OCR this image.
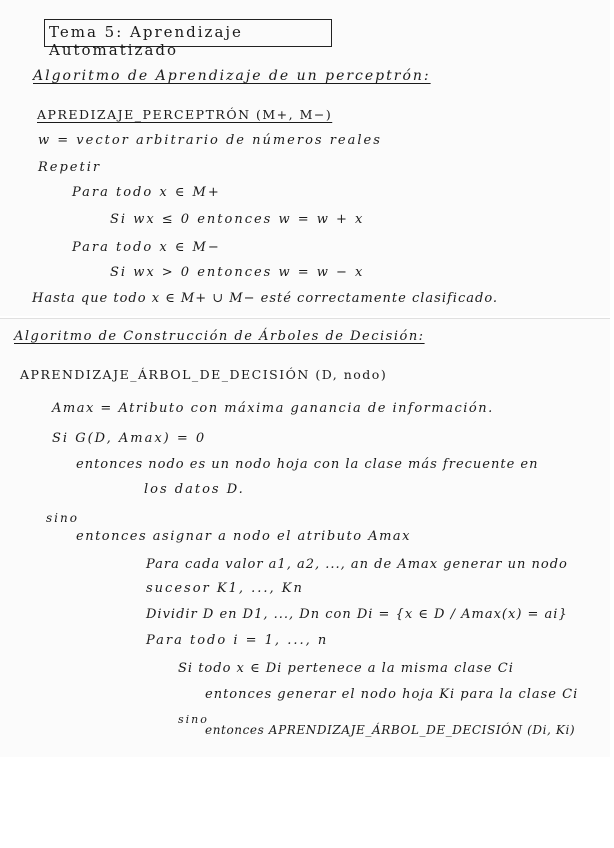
Tema 5: Aprendizaje Automatizado
Algoritmo de Aprendizaje de un perceptrón:
APREDIZAJE_PERCEPTRÓN (M+, M−)
w = vector arbitrario de números reales
Repetir
Para todo x ∈ M+
Si wx ≤ 0 entonces w = w + x
Para todo x ∈ M−
Si wx > 0 entonces w = w − x
Hasta que todo x ∈ M+ ∪ M− esté correctamente clasificado.
Algoritmo de Construcción de Árboles de Decisión:
APRENDIZAJE_ÁRBOL_DE_DECISIÓN (D, nodo)
Amax = Atributo con máxima ganancia de información.
Si G(D, Amax) = 0
entonces nodo es un nodo hoja con la clase más frecuente en
los datos D.
sino
entonces asignar a nodo el atributo Amax
Para cada valor a1, a2, ..., an de Amax generar un nodo
sucesor K1, ..., Kn
Dividir D en D1, ..., Dn con Di = {x ∈ D / Amax(x) = ai}
Para todo i = 1, ..., n
Si todo x ∈ Di pertenece a la misma clase Ci
entonces generar el nodo hoja Ki para la clase Ci
sino
entonces APRENDIZAJE_ÁRBOL_DE_DECISIÓN (Di, Ki)
